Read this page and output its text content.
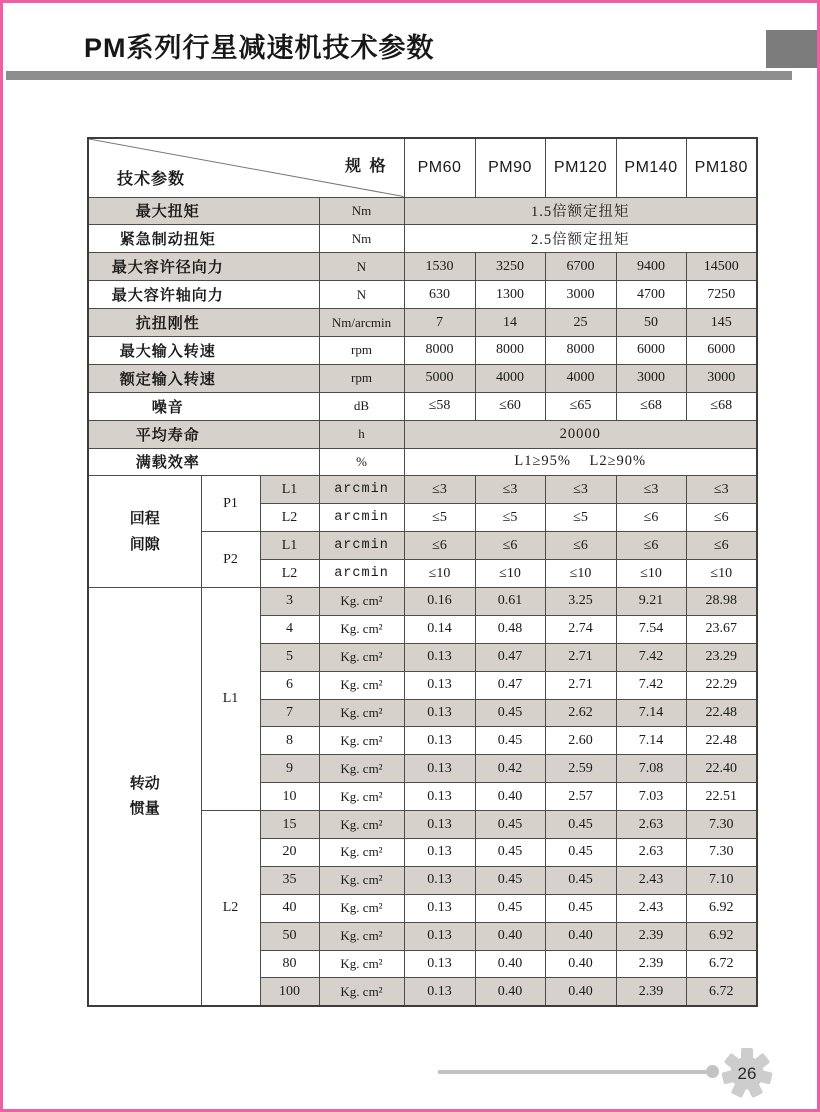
PM系列行星减速机技术参数
规 格
技术参数				PM60	PM90	PM120	PM140	PM180
最大扭矩			Nm	1.5倍额定扭矩				
紧急制动扭矩			Nm	2.5倍额定扭矩				
最大容许径向力			N	1530	3250	6700	9400	14500
最大容许轴向力			N	630	1300	3000	4700	7250
抗扭刚性			Nm/arcmin	7	14	25	50	145
最大输入转速			rpm	8000	8000	8000	6000	6000
额定输入转速			rpm	5000	4000	4000	3000	3000
噪音			dB	≤58	≤60	≤65	≤68	≤68
平均寿命			h	20000				
满载效率			%	L1≥95%    L2≥90%				
回程间隙	P1	L1	arcmin	≤3	≤3	≤3	≤3	≤3
		L2	arcmin	≤5	≤5	≤5	≤6	≤6
	P2	L1	arcmin	≤6	≤6	≤6	≤6	≤6
		L2	arcmin	≤10	≤10	≤10	≤10	≤10
转动惯量	L1	3	Kg. cm²	0.16	0.61	3.25	9.21	28.98
		4	Kg. cm²	0.14	0.48	2.74	7.54	23.67
		5	Kg. cm²	0.13	0.47	2.71	7.42	23.29
		6	Kg. cm²	0.13	0.47	2.71	7.42	22.29
		7	Kg. cm²	0.13	0.45	2.62	7.14	22.48
		8	Kg. cm²	0.13	0.45	2.60	7.14	22.48
		9	Kg. cm²	0.13	0.42	2.59	7.08	22.40
		10	Kg. cm²	0.13	0.40	2.57	7.03	22.51
	L2	15	Kg. cm²	0.13	0.45	0.45	2.63	7.30
		20	Kg. cm²	0.13	0.45	0.45	2.63	7.30
		35	Kg. cm²	0.13	0.45	0.45	2.43	7.10
		40	Kg. cm²	0.13	0.45	0.45	2.43	6.92
		50	Kg. cm²	0.13	0.40	0.40	2.39	6.92
		80	Kg. cm²	0.13	0.40	0.40	2.39	6.72
		100	Kg. cm²	0.13	0.40	0.40	2.39	6.72
26
